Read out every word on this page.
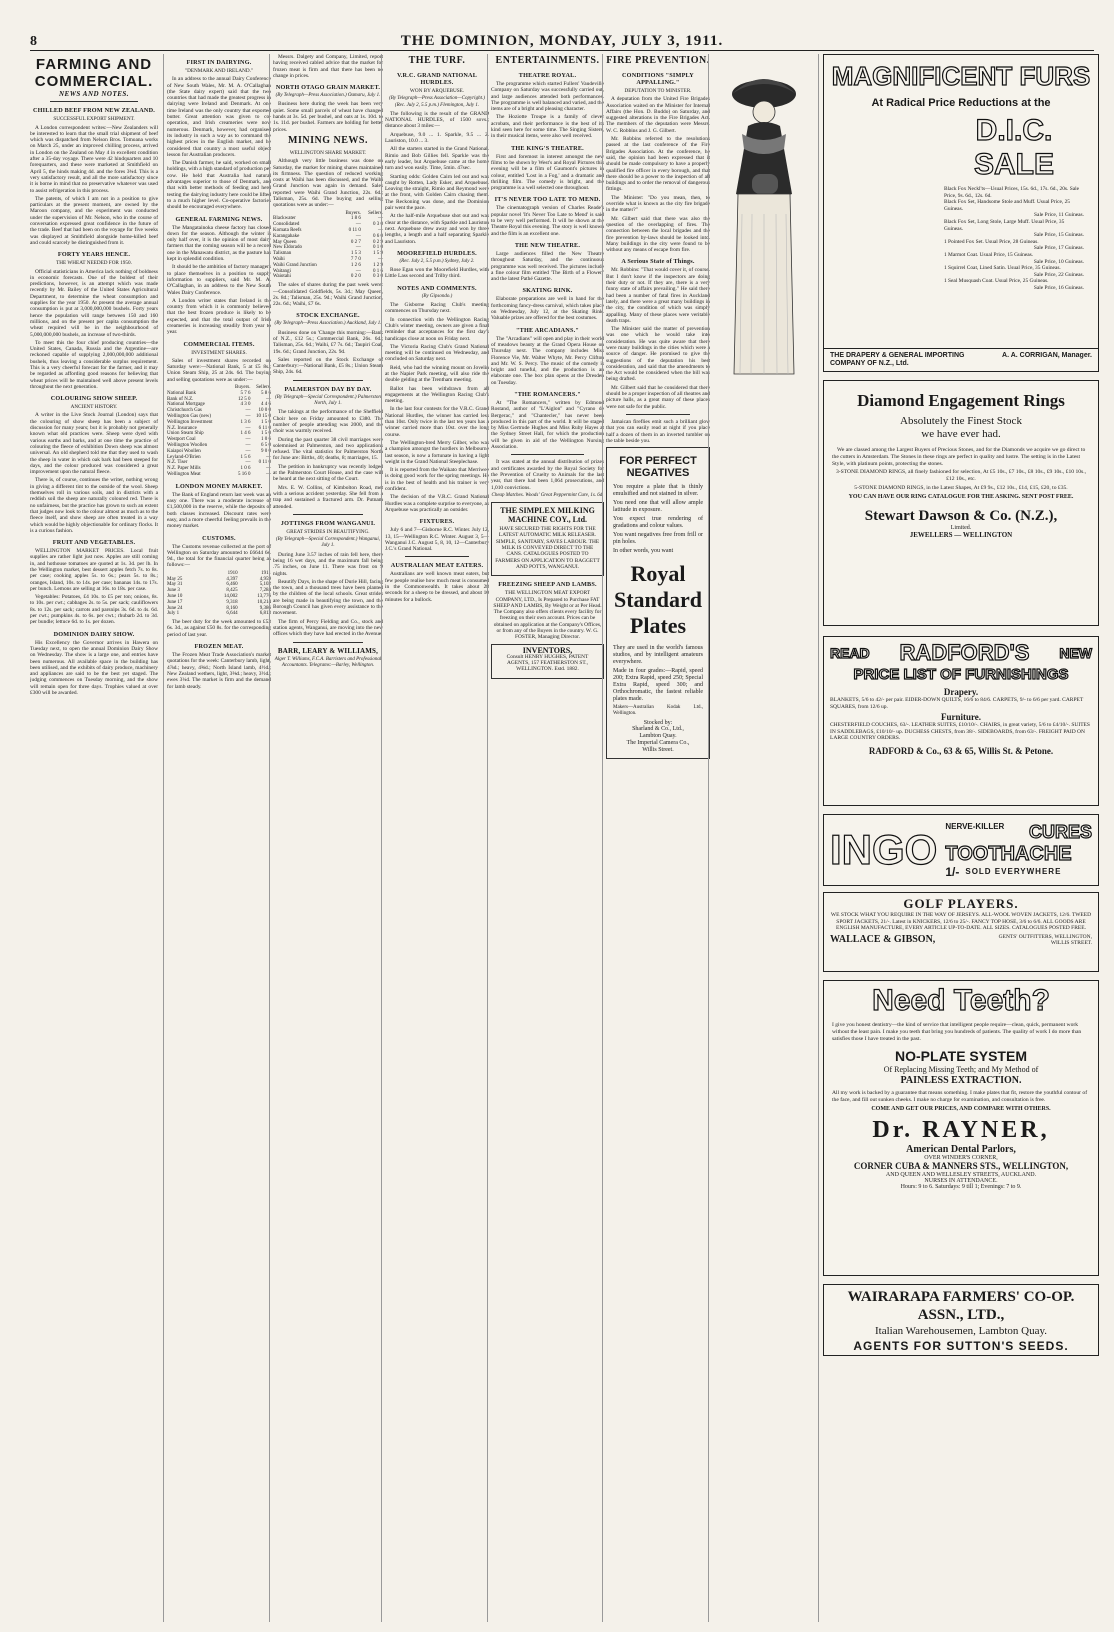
8	THE DOMINION, MONDAY, JULY 3, 1911.
FARMING AND COMMERCIAL.
NEWS AND NOTES.
CHILLED BEEF FROM NEW ZEALAND.
SUCCESSFUL EXPORT SHIPMENT.

A London correspondent writes:—New Zealanders will be interested to learn that the small trial shipment of beef which was dispatched from Nelson Bros. Tomoana works on March 25, under an improved chilling process, arrived in London on the Zealand on May 4 in excellent condition after a 35-day voyage. There were 42 hindquarters and 10 forequarters, and these were marketed at Smithfield on April 5, the hinds making 4d. and the fores 3¾d. This is a very satisfactory result, and all the more satisfactory since it is borne in mind that no preservative whatever was used to assist refrigeration in this process.

The patents, of which I am not in a position to give particulars at the present moment, are owned by the Maroon company, and the experiment was conducted under the supervision of Mr. Nelson, who in the course of conversation expressed great confidence in the future of the trade. Beef that had been on the voyage for five weeks was displayed at Smithfield alongside home-killed beef and could scarcely be distinguished from it.

FORTY YEARS HENCE.
THE WHEAT NEEDED FOR 1950.

Official statisticians in America lack nothing of boldness in economic forecasts. One of the boldest of their predictions, however, is an attempt which was made recently by Mr. Bailey of the United States Agricultural Department, to determine the wheat consumption and supplies for the year 1950. At present the average annual consumption is put at 3,000,000,000 bushels. Forty years hence the population will range between 150 and 160 millions, and on the present per capita consumption the wheat required will be in the neighbourhood of 5,000,000,000 bushels, an increase of two-thirds.

To meet this the four chief producing countries—the United States, Canada, Russia and the Argentine—are reckoned capable of supplying 2,000,000,000 additional bushels, thus leaving a considerable surplus requirement. This is a very cheerful forecast for the farmer, and it may be regarded as affording good reasons for believing that wheat prices will be maintained well above present levels throughout the next generation.

COLOURING SHOW SHEEP.
ANCIENT HISTORY.

A writer in the Live Stock Journal (London) says that the colouring of show sheep has been a subject of discussion for many years; but it is probably not generally known what old practices were. Sheep were dyed with various earths and barks, and at one time the practice of colouring the fleece of exhibition Down sheep was almost universal. An old shepherd told me that they used to wash the sheep in water in which oak bark had been steeped for days, and the colour produced was considered a great improvement upon the natural fleece.

There is, of course, continues the writer, nothing wrong in giving a different tint to the outside of the wool. Sheep themselves roll in various soils, and in districts with a reddish soil the sheep are naturally coloured red. There is no unfairness, but the practice has grown to such an extent that judges now look to the colour almost as much as to the fleece itself, and show sheep are often treated in a way which would be highly objectionable for ordinary flocks. It is a curious fashion.

FRUIT AND VEGETABLES.

WELLINGTON MARKET PRICES. Local fruit supplies are rather light just now. Apples are still coming in, and hothouse tomatoes are quoted at 1s. 3d. per lb. In the Wellington market, best dessert apples fetch 7s. to 8s. per case; cooking apples 5s. to 6s.; pears 5s. to 8s.; oranges, Island, 10s. to 14s. per case; bananas 14s. to 17s. per bunch. Lemons are selling at 16s. to 18s. per case.

Vegetables: Potatoes, £4 10s. to £5 per ton; onions, 8s. to 10s. per cwt.; cabbages 2s. to 5s. per sack; cauliflowers 8s. to 12s. per sack; carrots and parsnips 3s. 6d. to 4s. 6d. per cwt.; pumpkins 4s. to 6s. per cwt.; rhubarb 2d. to 3d. per bundle; lettuce 6d. to 1s. per dozen.

DOMINION DAIRY SHOW.

His Excellency the Governor arrives in Hawera on Tuesday next, to open the annual Dominion Dairy Show on Wednesday. The show is a large one, and entries have been numerous. All available space in the building has been utilised, and the exhibits of dairy produce, machinery and appliances are said to be the best yet staged. The judging commences on Tuesday morning, and the show will remain open for three days. Trophies valued at over £300 will be awarded.

FIRST IN DAIRYING.
"DENMARK AND IRELAND."

In an address to the annual Dairy Conference of New South Wales, Mr. M. A. O'Callaghan (the State dairy expert) said that the two countries that had made the greatest progress in dairying were Ireland and Denmark. At one time Ireland was the only country that exported butter. Great attention was given to co-operation, and Irish creameries were now numerous. Denmark, however, had organised its industry in such a way as to command the highest prices in the English market, and he considered that country a most useful object lesson for Australian producers.

The Danish farmer, he said, worked on small holdings, with a high standard of production per cow. He held that Australia had natural advantages superior to those of Denmark, and that with better methods of feeding and herd testing the dairying industry here could be lifted to a much higher level. Co-operative factories should be encouraged everywhere.

GENERAL FARMING NEWS.

The Mangatainoka cheese factory has closed down for the season. Although the winter is only half over, it is the opinion of most dairy farmers that the coming season will be a record one in the Manawatu district, as the pasture has kept in splendid condition.

It should be the ambition of factory managers to place themselves in a position to supply information to suppliers, said Mr. M. A. O'Callaghan, in an address to the New South Wales Dairy Conference.

A London writer states that Ireland is the country from which it is commonly believed that the best frozen produce is likely to be expected, and that the total output of Irish creameries is increasing steadily from year to year.

COMMERCIAL ITEMS.
INVESTMENT SHARES.

Sales of investment shares recorded on Saturday were:—National Bank, 5 at £5 8s.; Union Steam Ship, 25 at 24s. 6d. The buying and selling quotations were as under:—

	Buyers.	Sellers.
National Bank	5 7 6	5 8 6
Bank of N.Z.	12 5 0	—
National Mortgage	4 3 0	4 4 6
Christchurch Gas	—	10 0 0
Wellington Gas (new)	—	10 15 0
Wellington Investment	1 3 6	1 5 0
N.Z. Insurance	—	6 11 0
Union Steam Ship	1 4 6	1 5 0
Westport Coal	—	1 0 6
Wellington Woollen	—	6 5 0
Kaiapoi Woollen	—	9 0 0
Leyland-O'Brien	1 5 6	—
N.Z. Tiser	—	0 11 0
N.Z. Paper Mills	1 0 6	—
Wellington Meat	5 16 0	—
LONDON MONEY MARKET.

The Bank of England return last week was an easy one. There was a moderate increase of £1,500,000 in the reserve, while the deposits of both classes increased. Discount rates were easy, and a more cheerful feeling prevails in the money market.

CUSTOMS.

The Customs revenue collected at the port of Wellington on Saturday amounted to £6644 6s. 9d., the total for the financial quarter being as follows:—

	1910	1911
May 25	4,397	4,959
May 31	6,460	5,102
June 3	8,425	7,284
June 10	14,002	13,776
June 17	9,318	10,214
June 24	8,160	9,386
July 1	6,644	6,813

The beer duty for the week amounted to £53 6s. 3d., as against £50 8s. for the corresponding period of last year.

FROZEN MEAT.

The Frozen Meat Trade Association's market quotations for the week: Canterbury lamb, light, 4⅞d.; heavy, 4⅝d.; North Island lamb, 4½d.; New Zealand wethers, light, 3⅝d.; heavy, 3½d.; ewes 3¼d. The market is firm and the demand for lamb steady.

Messrs. Dalgety and Company, Limited, report having received cabled advice that the market for frozen meat is firm and that there has been no change in prices.

NORTH OTAGO GRAIN MARKET.
(By Telegraph—Press Association.) Oamaru, July 1.

Business here during the week has been very quiet. Some small parcels of wheat have changed hands at 3s. 5d. per bushel, and oats at 1s. 10d. to 1s. 11d. per bushel. Farmers are holding for better prices.

MINING NEWS.
WELLINGTON SHARE MARKET.

Although very little business was done on Saturday, the market for mining shares maintained its firmness. The question of reduced working costs at Waihi has been discussed, and the Waihi Grand Junction was again in demand. Sales reported were Waihi Grand Junction, 22s. 6d.; Talisman, 25s. 6d. The buying and selling quotations were as under:—

	Buyers.	Sellers.
Blackwater	1 8 6	—
Consolidated	—	0 3 0
Komata Reefs	0 11 0	—
Karangahake	—	0 6 0
May Queen	0 2 7	0 2 9
New Eldorado	—	0 1 0
Talisman	1 5 3	1 5 9
Waihi	7 7 0	—
Waihi Grand Junction	1 2 6	1 2 9
Waitangi	—	0 1 6
Waiotahi	0 2 0	0 3 0

The sales of shares during the past week were:—Consolidated Goldfields, 5s. 3d.; May Queen, 2s. 8d.; Talisman, 25s. 9d.; Waihi Grand Junction, 22s. 6d.; Waihi, £7 6s.

STOCK EXCHANGE.
(By Telegraph—Press Association.) Auckland, July 1.

Business done on 'Change this morning:—Bank of N.Z., £12 5s.; Commercial Bank, 26s. 6d.; Talisman, 25s. 6d.; Waihi, £7 7s. 6d.; Taupiri Coal, 19s. 6d.; Grand Junction, 22s. 9d.

Sales reported on the Stock Exchange of Canterbury:—National Bank, £5 8s.; Union Steam Ship, 24s. 6d.

PALMERSTON DAY BY DAY.
(By Telegraph—Special Correspondent.) Palmerston North, July 1.

The takings at the performance of the Sheffield Choir here on Friday amounted to £380. The number of people attending was 2000, and the choir was warmly received.

During the past quarter 38 civil marriages were solemnised at Palmerston, and two applications refused. The vital statistics for Palmerston North for June are: Births, 40; deaths, 8; marriages, 15.

The petition in bankruptcy was recently lodged at the Palmerston Court House, and the case will be heard at the next sitting of the Court.

Mrs. E. W. Collins, of Kimbolton Road, met with a serious accident yesterday. She fell from a trap and sustained a fractured arm. Dr. Putnam attended.

JOTTINGS FROM WANGANUI.
GREAT STRIDES IN BEAUTIFYING.
(By Telegraph—Special Correspondent.) Wanganui, July 1.

During June 3.57 inches of rain fell here, there being 16 wet days, and the maximum fall being .75 inches, on June 11. There was frost on 9 nights.

Beautify Days, in the shape of Durie Hill, facing the town, and a thousand trees have been planted by the children of the local schools. Great strides are being made in beautifying the town, and the Borough Council has given every assistance to the movement.

The firm of Percy Fielding and Co., stock and station agents, Wanganui, are moving into the new offices which they have had erected in the Avenue.

BARR, LEARY & WILLIAMS,
Alger T. Williams, F.C.A. Barristers and Professional Accountants. Telegrams:—Barley, Wellington.
THE TURF.
V.R.C. GRAND NATIONAL HURDLES.
WON BY ARQUEBUSE.
(By Telegraph—Press Association—Copyright.) (Rec. July 2, 5.5 p.m.) Flemington, July 1.

The following is the result of the GRAND NATIONAL HURDLES, of 1500 sovs.; distance about 3 miles:—

Arquebuse, 9.0 ... 1. Sparkle, 9.5 ... 2. Lauriston, 10.0 ... 3.

All the starters started in the Grand National. Rimio and Bob Gillies fell. Sparkle was the early leader, but Arquebuse came at the home turn and won easily. Time, 5min. 47sec.

Starting odds: Golden Cairn led out and was caught by Rotten, Lady Esker, and Arquebuse. Leaving the straight, Rimio and Reymond were at the front, with Golden Cairn chasing them. The Reckoning was done, and the Dominion pair went the pace.

At the half-mile Arquebuse shot out and was clear at the distance, with Sparkle and Lauriston next. Arquebuse drew away and won by three lengths, a length and a half separating Sparkle and Lauriston.

MOOREFIELD HURDLES.
(Rec. July 2, 5.5 p.m.) Sydney, July 2.

Rose Egan won the Moorefield Hurdles, with Little Lass second and Trilby third.

NOTES AND COMMENTS.
(By Gipsondo.)

The Gisborne Racing Club's meeting commences on Thursday next.

In connection with the Wellington Racing Club's winter meeting, owners are given a final reminder that acceptances for the first day's handicaps close at noon on Friday next.

The Victoria Racing Club's Grand National meeting will be continued on Wednesday, and concluded on Saturday next.

Reid, who had the winning mount on Jovelin at the Napier Park meeting, will also ride the double gelding at the Trentham meeting.

Ballot has been withdrawn from all engagements at the Wellington Racing Club's meeting.

In the last four contests for the V.R.C. Grand National Hurdles, the winner has carried less than 10st. Only twice in the last ten years has a winner carried more than 10st. over the long course.

The Wellington-bred Merry Gilber, who was a champion amongst the hurdlers in Melbourne last season, is now a fortunate in having a light weight in the Grand National Steeplechase.

It is reported from the Waikato that Merriwee is doing good work for the spring meetings. He is in the best of health and his trainer is very confident.

The decision of the V.R.C. Grand National Hurdles was a complete surprise to everyone, as Arquebuse was practically an outsider.

FIXTURES.

July 6 and 7—Gisborne R.C. Winter. July 12, 13, 15—Wellington R.C. Winter. August 3, 5—Wanganui J.C. August 5, 8, 10, 12—Canterbury J.C.'s Grand National.

AUSTRALIAN MEAT EATERS.

Australians are well known meat eaters, but few people realise how much meat is consumed in the Commonwealth. It takes about 28 seconds for a sheep to be dressed, and about 10 minutes for a bullock.

ENTERTAINMENTS.
THEATRE ROYAL.

The programme which started Fullers' Vaudeville Company on Saturday was successfully carried out, and large audiences attended both performances. The programme is well balanced and varied, and the items are of a bright and pleasing character.

The Hoziotte Troupe is a family of clever acrobats, and their performance is the best of its kind seen here for some time. The Singing Sisters, in their musical items, were also well received.

THE KING'S THEATRE.

First and foremost in interest amongst the new films to be shown by West's and Royal Pictures this evening will be a film of Gaumont's pictures in colour, entitled 'Lost in a Fog,' and a dramatic and thrilling film. The comedy is bright, and the programme is a well selected one throughout.

IT'S NEVER TOO LATE TO MEND.

The cinematograph version of Charles Reade's popular novel 'It's Never Too Late to Mend' is said to be very well performed. It will be shown at the Theatre Royal this evening. The story is well known and the film is an excellent one.

THE NEW THEATRE.

Large audiences filled the New Theatre throughout Saturday, and the continuous programme was well received. The pictures include a fine colour film entitled 'The Birth of a Flower,' and the latest Pathé Gazette.

SKATING RINK.

Elaborate preparations are well in hand for the forthcoming fancy-dress carnival, which takes place on Wednesday, July 12, at the Skating Rink. Valuable prizes are offered for the best costumes.

"THE ARCADIANS."

The "Arcadians" will open and play in their world of meadows beauty at the Grand Opera House on Thursday next. The company includes Miss Florence Vie, Mr. Walter Whyte, Mr. Percy Clifton and Mr. W. S. Percy. The music of the comedy is bright and tuneful, and the production is an elaborate one. The box plan opens at the Dresden on Tuesday.

"THE ROMANCERS."

At "The Romancers," written by Edmond Rostand, author of "L'Aiglon" and "Cyrano de Bergerac," and "Chantecler," has never been produced in this part of the world. It will be staged by Miss Gertrude Hughes and Miss Ruby Hayes at the Sydney Street Hall, for which the production will be given in aid of the Wellington Nursing Association.

It was stated at the annual distribution of prizes and certificates awarded by the Royal Society for the Prevention of Cruelty to Animals for the last year, that there had been 1,064 prosecutions, and 1,010 convictions.

Cheap Matches. Woods' Great Peppermint Cure, 1s. 6d.
THE SIMPLEX MILKING MACHINE COY., Ltd.

HAVE SECURED THE RIGHTS FOR THE LATEST AUTOMATIC MILK RELEASER. SIMPLE, SANITARY, SAVES LABOUR. THE MILK IS CONVEYED DIRECT TO THE CANS. CATALOGUES POSTED TO FARMERS ON APPLICATION TO BAGGETT AND POTTS, WANGANUI.

FREEZING SHEEP AND LAMBS.

THE WELLINGTON MEAT EXPORT COMPANY, LTD., Is Prepared to Purchase FAT SHEEP AND LAMBS, By Weight or at Per Head. The Company also offers clients every facility for freezing on their own account. Prices can be obtained on application at the Company's Offices, or from any of the Buyers in the country. W. G. FOSTER, Managing Director.

INVENTORS,

Consult HENRY HUGHES, PATENT AGENTS, 157 FEATHERSTON ST., WELLINGTON. Estd. 1882.

FIRE PREVENTION.
CONDITIONS "SIMPLY APPALLING."
DEPUTATION TO MINISTER.

A deputation from the United Fire Brigades Association waited on the Minister for Internal Affairs (the Hon. D. Buddo) on Saturday, and suggested alterations in the Fire Brigades Act. The members of the deputation were Messrs. W. C. Robbins and J. G. Gilbert.

Mr. Robbins referred to the resolutions passed at the last conference of the Fire Brigades Association. At the conference, he said, the opinion had been expressed that it should be made compulsory to have a properly qualified fire officer in every borough, and that there should be a power to the inspection of all buildings and to order the removal of dangerous fittings.

The Minister: "Do you mean, then, to override what is known as the city fire brigade in the matter?"

Mr. Gilbert said that there was also the question of the overlapping of fires. The connection between the local brigades and the fire prevention by-laws should be looked into. Many buildings in the city were found to be without any means of escape from fire.

A Serious State of Things.

Mr. Robbins: "That would cover it, of course. But I don't know if the inspectors are doing their duty or not. If they are, there is a very funny state of affairs prevailing." He said there had been a number of fatal fires in Auckland lately, and there were a great many buildings in the city, the condition of which was simply appalling. Many of these places were veritable death traps.

The Minister said the matter of prevention was one which he would take into consideration. He was quite aware that there were many buildings in the cities which were a source of danger. He promised to give the suggestions of the deputation his best consideration, and said that the amendments to the Act would be considered when the bill was being drafted.

Mr. Gilbert said that he considered that there should be a proper inspection of all theatres and picture halls, as a great many of these places were not safe for the public.

Jamaican fireflies emit such a brilliant glow that you can easily read at night if you place half a dozen of them in an inverted tumbler on the table beside you.

FOR PERFECT NEGATIVES

You require a plate that is thinly emulsified and not stained in silver.

You need one that will allow ample latitude in exposure.

You expect true rendering of gradations and colour values.

You want negatives free from frill or pin holes.

In other words, you want

Royal Standard Plates

They are used in the world's famous studios, and by intelligent amateurs everywhere.

Made in four grades:—Rapid, speed 200; Extra Rapid, speed 250; Special Extra Rapid, speed 300; and Orthochromatic, the fastest reliable plates made.

Makers—Australian Kodak Ltd., Wellington.

Stocked by:
Sharland & Co., Ltd.,
Lambton Quay.
The Imperial Camera Co.,
Willis Street.
MAGNIFICENT FURS
At Radical Price Reductions at the
D.I.C.
SALE
Black Fox Neckl'ts—Usual Prices, 15s. 6d., 17s. 6d., 20s. Sale Price, 9s. 6d., 12s. 6d.
Black Fox Set, Handsome Stole and Muff. Usual Price, 25 Guineas.
Sale Price, 11 Guineas.
Black Fox Set, Long Stole, Large Muff. Usual Price, 35 Guineas.
Sale Price, 15 Guineas.
1 Pointed Fox Set. Usual Price, 28 Guineas.
Sale Price, 17 Guineas.
1 Marmot Coat. Usual Price, 15 Guineas.
Sale Price, 10 Guineas.
1 Squirrel Coat, Lined Satin. Usual Price, 35 Guineas.
Sale Price, 22 Guineas.
1 Seal Musquash Coat. Usual Price, 25 Guineas.
Sale Price, 16 Guineas.
THE DRAPERY & GENERAL IMPORTING COMPANY OF N.Z., Ltd.
A. A. CORRIGAN, Manager.
Diamond Engagement Rings
Absolutely the Finest Stock
we have ever had.

We are classed among the Largest Buyers of Precious Stones, and for the Diamonds we acquire we go direct to the cutters in Amsterdam. The Stones in these rings are perfect in quality and lustre. The setting is in the Latest Style, with platinum points, protecting the stones.

3-STONE DIAMOND RINGS, all finely fashioned for selection, At £5 10s., £7 10s., £8 10s., £9 10s., £10 10s., £12 10s., etc.

5-STONE DIAMOND RINGS, in the Latest Shapes, At £9 9s., £12 10s., £14, £15, £20, to £35.

YOU CAN HAVE OUR RING CATALOGUE FOR THE ASKING. SENT POST FREE.
Stewart Dawson & Co. (N.Z.),
Limited.
JEWELLERS — WELLINGTON
READ RADFORD'S NEW
PRICE LIST OF FURNISHINGS
Drapery.

BLANKETS, 5/6 to 42/- per pair. EIDER-DOWN QUILTS, 16/6 to 84/6. CARPETS, 9/- to 6/6 per yard. CARPET SQUARES, from 12/6 up.

Furniture.

CHESTERFIELD COUCHES, 63/-. LEATHER SUITES, £10/10/-. CHAIRS, in great variety, 5/6 to £4/10/-. SUITES IN SADDLEBAGS, £10/10/- up. DUCHESS CHESTS, from 38/-. SIDEBOARDS, from 63/-. FREIGHT PAID ON LARGE COUNTRY ORDERS.

RADFORD & Co., 63 & 65, Willis St. & Petone.
INGO NERVE-KILLER CURES
TOOTHACHE
1/- SOLD EVERYWHERE
GOLF PLAYERS.

WE STOCK WHAT YOU REQUIRE IN THE WAY OF JERSEYS. ALL-WOOL WOVEN JACKETS, 12/6. TWEED SPORT JACKETS, 21/-. Latest in KNICKERS, 12/6 to 25/-. FANCY TOP HOSE, 3/6 to 6/6. ALL GOODS ARE ENGLISH MANUFACTURE, EVERY ARTICLE UP-TO-DATE. ALL SIZES. CATALOGUES POSTED FREE.

WALLACE & GIBSON,	GENTS' OUTFITTERS, WELLINGTON, WILLIS STREET.
Need Teeth?

I give you honest dentistry—the kind of service that intelligent people require—clean, quick, permanent work without the least pain. I make you teeth that bring you hundreds of patients. The quality of work I do more than satisfies those I have treated in the past.

NO-PLATE SYSTEM
Of Replacing Missing Teeth; and My Method of
PAINLESS EXTRACTION.

All my work is backed by a guarantee that means something. I make plates that fit, restore the youthful contour of the face, and fill out sunken cheeks. I make no charge for examination, and consultation is free.

COME AND GET OUR PRICES, AND COMPARE WITH OTHERS.
Dr. RAYNER,
American Dental Parlors,
OVER WINDER'S CORNER,
CORNER CUBA & MANNERS STS., WELLINGTON,
AND QUEEN AND WELLESLEY STREETS, AUCKLAND.
NURSES IN ATTENDANCE.
Hours: 9 to 6. Saturdays: 9 till 1; Evenings: 7 to 9.
WAIRARAPA FARMERS' CO-OP. ASSN., LTD.,
Italian Warehousemen, Lambton Quay.
AGENTS FOR SUTTON'S SEEDS.
